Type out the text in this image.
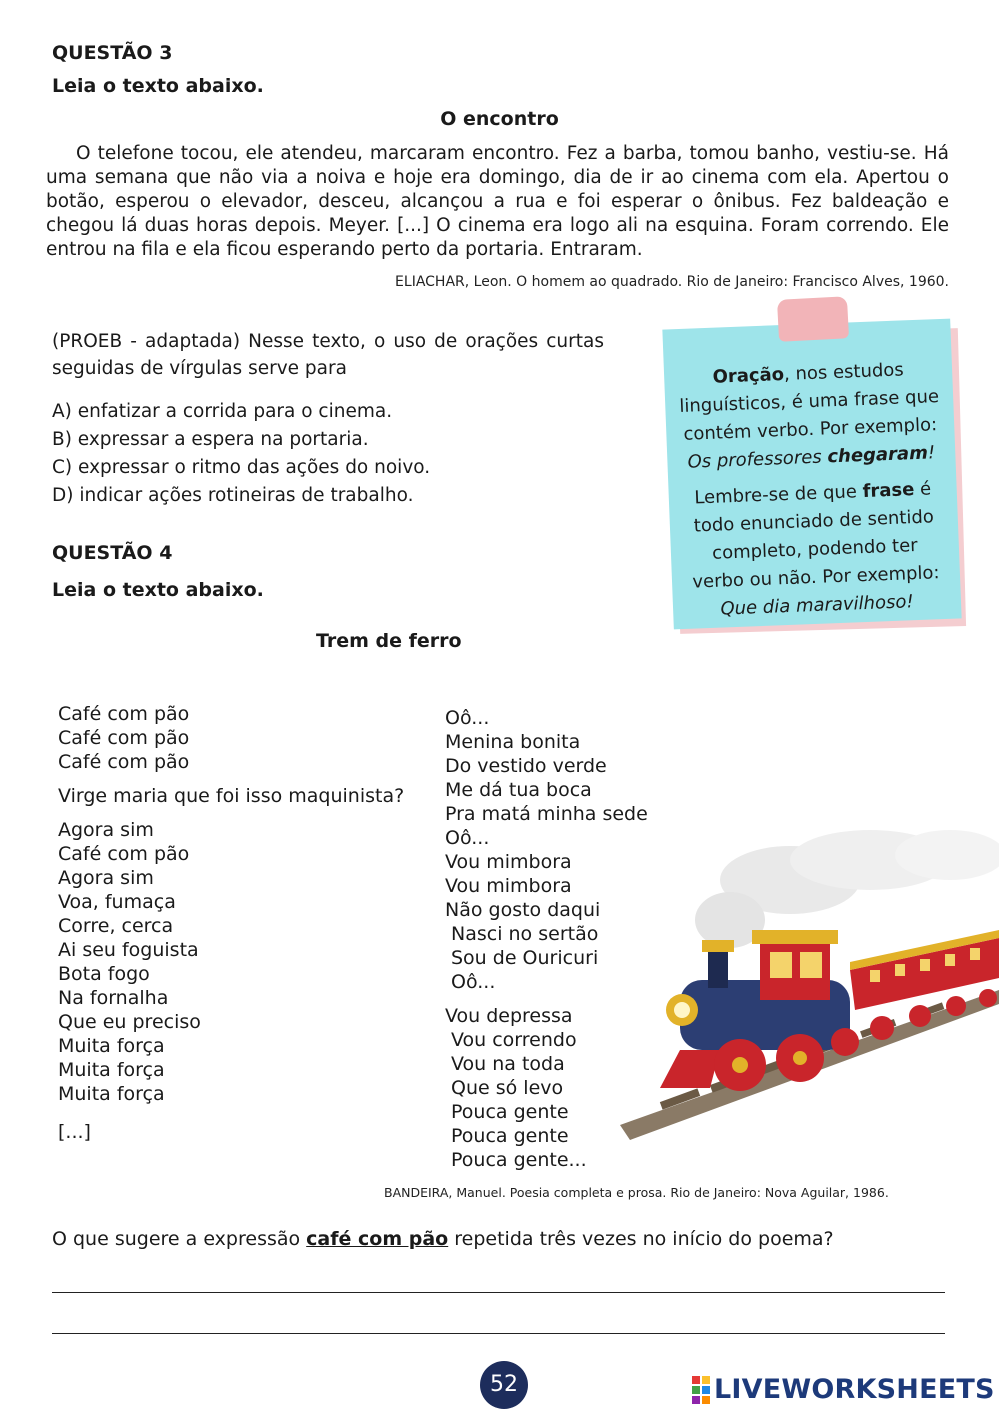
QUESTÃO 3
Leia o texto abaixo.
O encontro
O telefone tocou, ele atendeu, marcaram encontro. Fez a barba, tomou banho, vestiu-se. Há uma semana que não via a noiva e hoje era domingo, dia de ir ao cinema com ela. Apertou o botão, esperou o elevador, desceu, alcançou a rua e foi esperar o ônibus. Fez baldeação e chegou lá duas horas depois. Meyer. [...] O cinema era logo ali na esquina. Foram correndo. Ele entrou na fila e ela ficou esperando perto da portaria. Entraram.
ELIACHAR, Leon. O homem ao quadrado. Rio de Janeiro: Francisco Alves, 1960.
(PROEB - adaptada) Nesse texto, o uso de orações curtas seguidas de vírgulas serve para
A) enfatizar a corrida para o cinema.
B) expressar a espera na portaria.
C) expressar o ritmo das ações do noivo.
D) indicar ações rotineiras de trabalho.

Oração, nos estudos linguísticos, é uma frase que contém verbo. Por exemplo:
Os professores chegaram!

Lembre-se de que frase é todo enunciado de sentido completo, podendo ter verbo ou não. Por exemplo:
Que dia maravilhoso!

QUESTÃO 4
Leia o texto abaixo.
Trem de ferro
Café com pão
Café com pão
Café com pão
Virge maria que foi isso maquinista?
Agora sim
Café com pão
Agora sim
Voa, fumaça
Corre, cerca
Ai seu foguista
Bota fogo
Na fornalha
Que eu preciso
Muita força
Muita força
Muita força
[...]
Oô...
Menina bonita
Do vestido verde
Me dá tua boca
Pra matá minha sede
Oô...
Vou mimbora
Vou mimbora
Não gosto daqui
Nasci no sertão
Sou de Ouricuri
Oô...
Vou depressa
Vou correndo
Vou na toda
Que só levo
Pouca gente
Pouca gente
Pouca gente...
BANDEIRA, Manuel. Poesia completa e prosa. Rio de Janeiro: Nova Aguilar, 1986.
O que sugere a expressão café com pão repetida três vezes no início do poema?
52	LIVEWORKSHEETS
